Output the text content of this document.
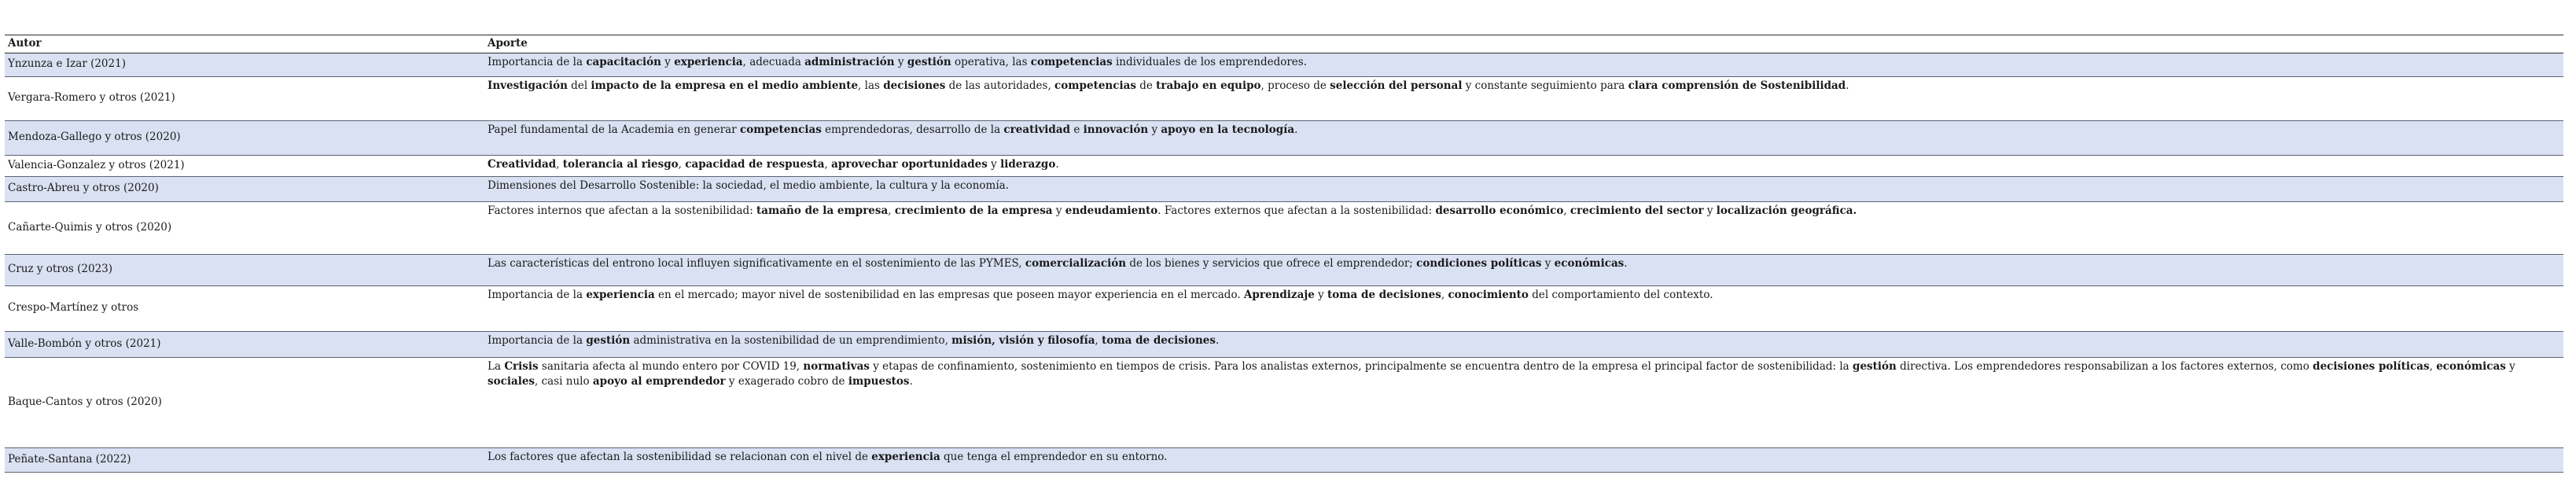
Autor	Aporte
Ynzunza e Izar (2021)	Importancia de la capacitación y experiencia, adecuada administración y gestión operativa, las competencias individuales de los emprendedores.
Vergara-Romero y otros (2021)	Investigación del impacto de la empresa en el medio ambiente, las decisiones de las autoridades, competencias de trabajo en equipo, proceso de selección del personal y constante seguimiento para clara comprensión de Sostenibilidad.
Mendoza-Gallego y otros (2020)	Papel fundamental de la Academia en generar competencias emprendedoras, desarrollo de la creatividad e innovación y apoyo en la tecnología.
Valencia-Gonzalez y otros (2021)	Creatividad, tolerancia al riesgo, capacidad de respuesta, aprovechar oportunidades y liderazgo.
Castro-Abreu y otros (2020)	Dimensiones del Desarrollo Sostenible: la sociedad, el medio ambiente, la cultura y la economía.
Cañarte-Quimis y otros (2020)	Factores internos que afectan a la sostenibilidad: tamaño de la empresa, crecimiento de la empresa y endeudamiento. Factores externos que afectan a la sostenibilidad: desarrollo económico, crecimiento del sector y localización geográfica.
Cruz y otros (2023)	Las características del entrono local influyen significativamente en el sostenimiento de las PYMES, comercialización de los bienes y servicios que ofrece el emprendedor; condiciones políticas y económicas.
Crespo-Martínez y otros	Importancia de la experiencia en el mercado; mayor nivel de sostenibilidad en las empresas que poseen mayor experiencia en el mercado. Aprendizaje y toma de decisiones, conocimiento del comportamiento del contexto.
Valle-Bombón y otros (2021)	Importancia de la gestión administrativa en la sostenibilidad de un emprendimiento, misión, visión y filosofía, toma de decisiones.
Baque-Cantos y otros (2020)	La Crisis sanitaria afecta al mundo entero por COVID 19, normativas y etapas de confinamiento, sostenimiento en tiempos de crisis. Para los analistas externos, principalmente se encuentra dentro de la empresa el principal factor de sostenibilidad: la gestión directiva. Los emprendedores responsabilizan a los factores externos, como decisiones políticas, económicas y sociales, casi nulo apoyo al emprendedor y exagerado cobro de impuestos.
Peñate-Santana (2022)	Los factores que afectan la sostenibilidad se relacionan con el nivel de experiencia que tenga el emprendedor en su entorno.
